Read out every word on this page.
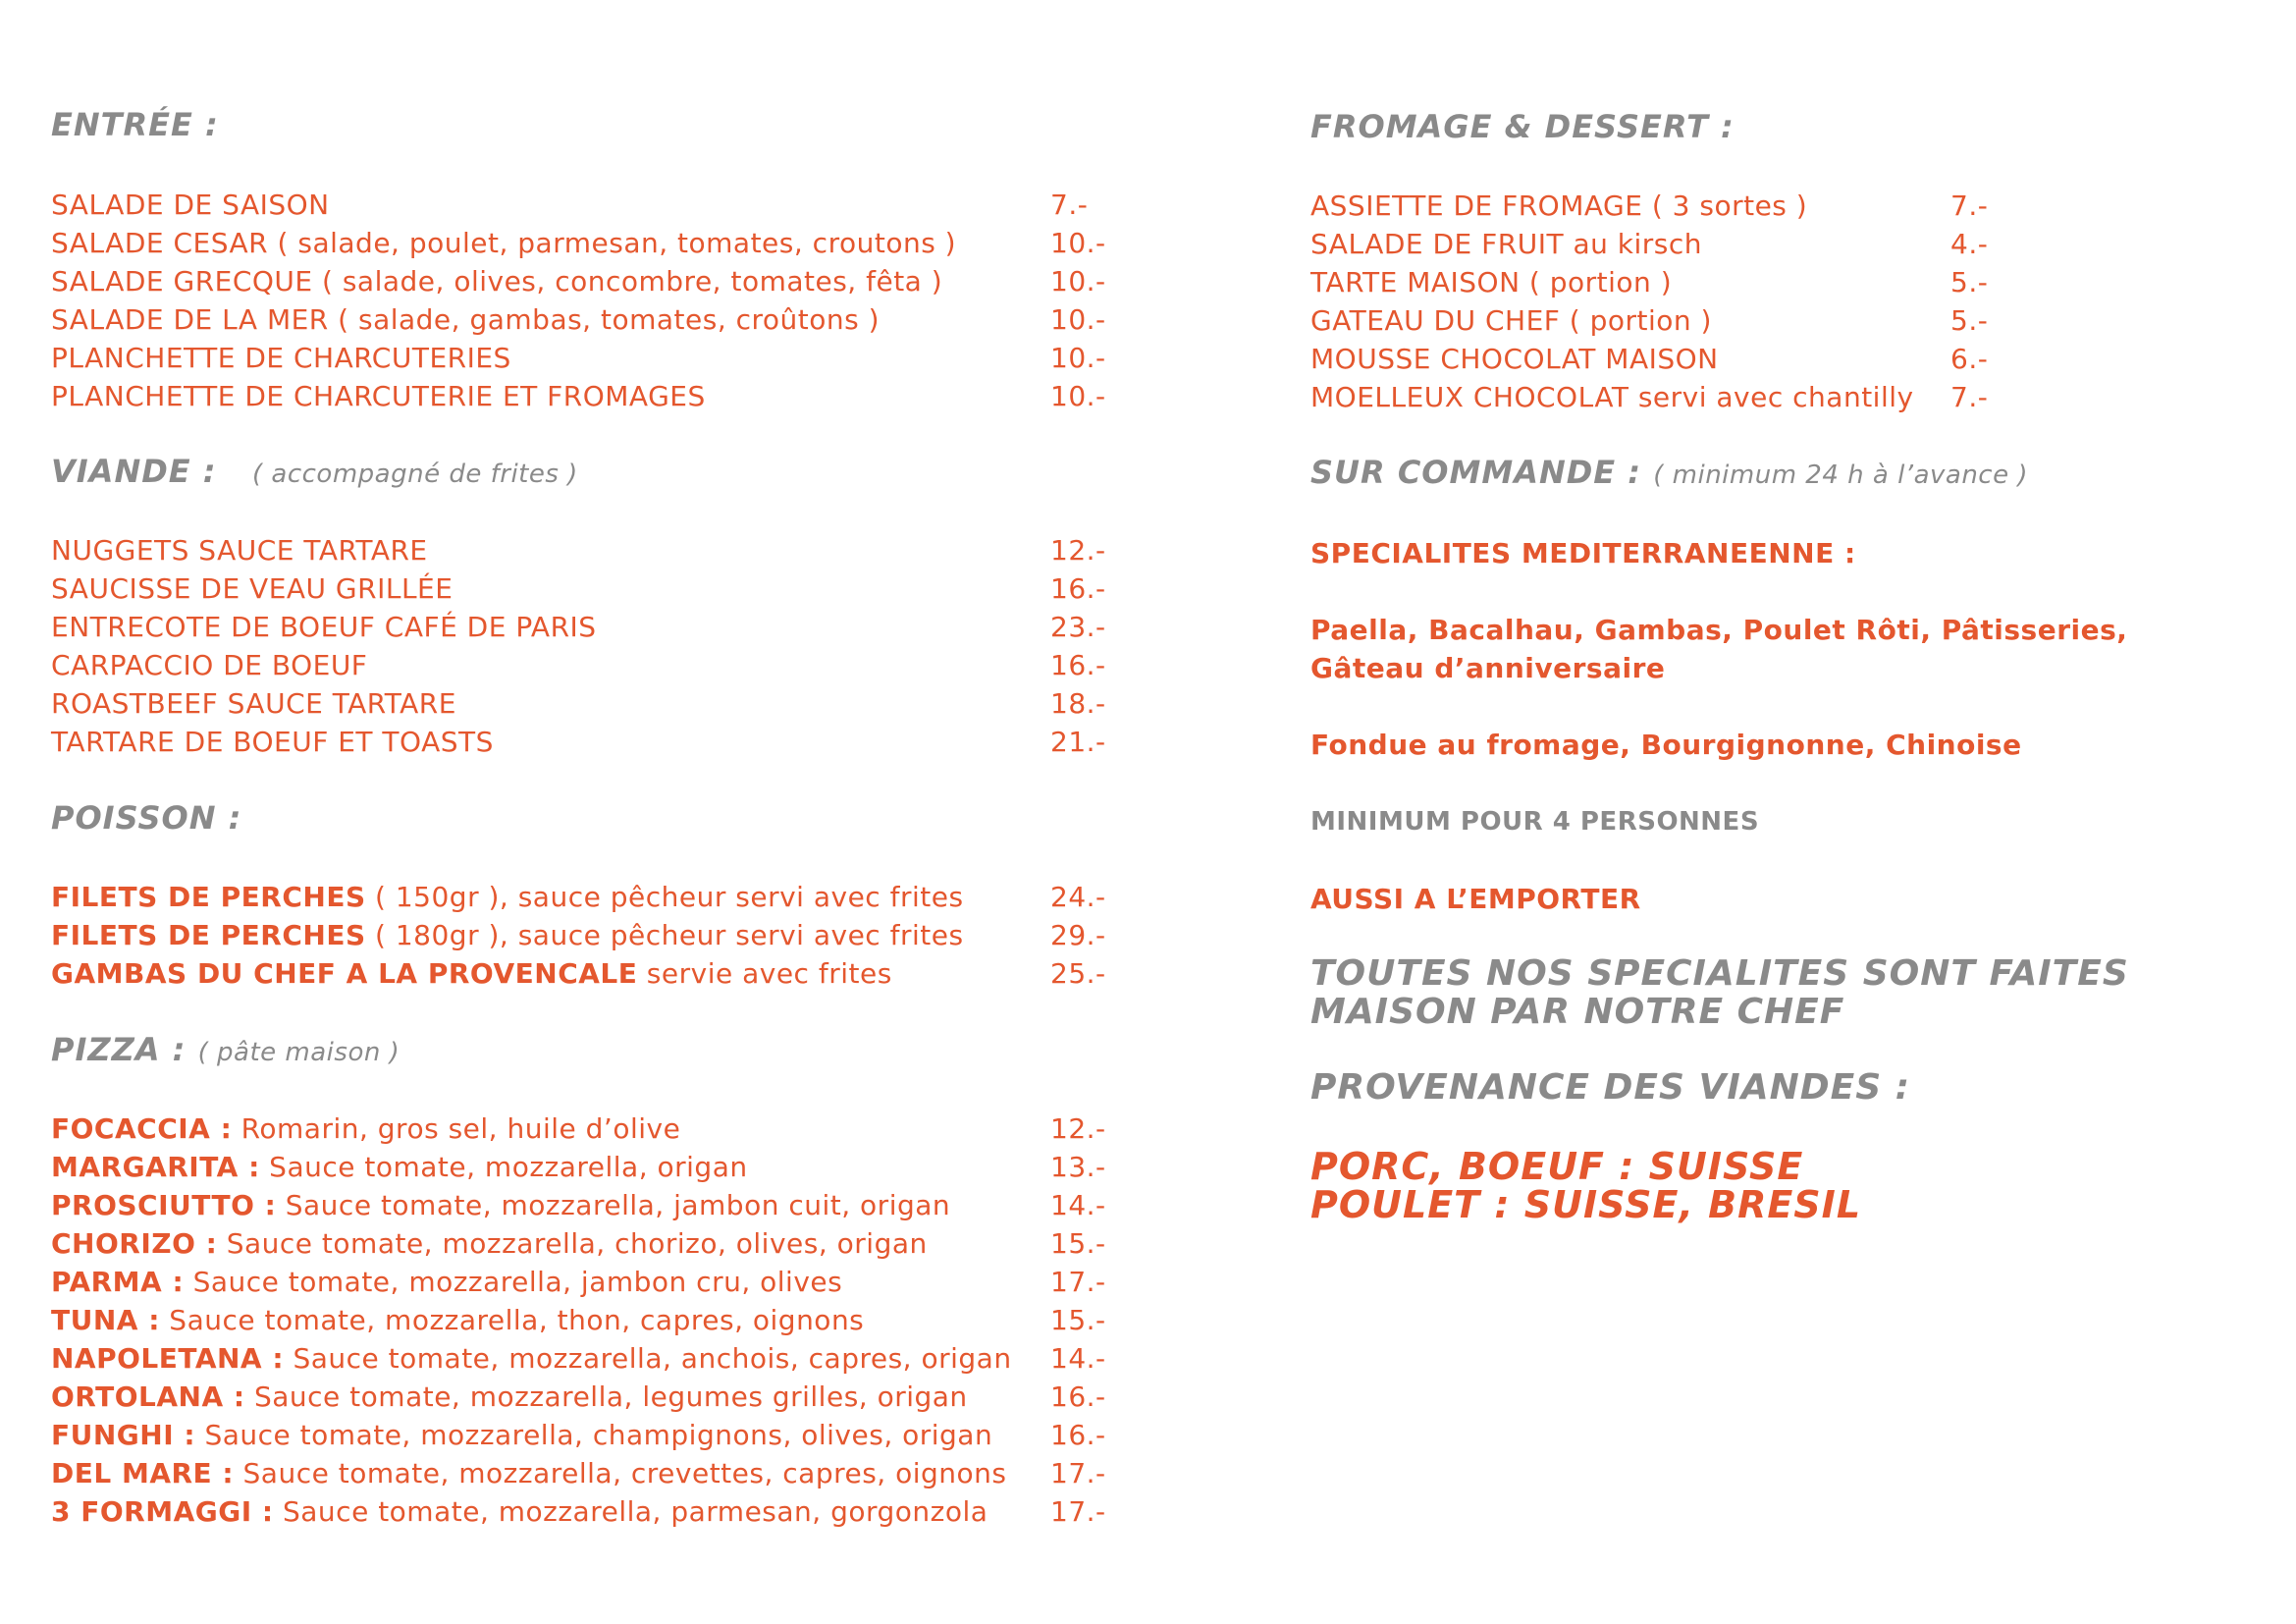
ENTRÉE :
SALADE DE SAISON	7.-
SALADE CESAR ( salade, poulet, parmesan, tomates, croutons )	10.-
SALADE GRECQUE ( salade, olives, concombre, tomates, fêta )	10.-
SALADE DE LA MER ( salade, gambas, tomates, croûtons )	10.-
PLANCHETTE DE CHARCUTERIES	10.-
PLANCHETTE DE CHARCUTERIE ET FROMAGES	10.-
VIANDE : ( accompagné de frites )
NUGGETS SAUCE TARTARE	12.-
SAUCISSE DE VEAU GRILLÉE	16.-
ENTRECOTE DE BOEUF CAFÉ DE PARIS	23.-
CARPACCIO DE BOEUF	16.-
ROASTBEEF SAUCE TARTARE	18.-
TARTARE DE BOEUF ET TOASTS	21.-
POISSON :
FILETS DE PERCHES ( 150gr ), sauce pêcheur servi avec frites	24.-
FILETS DE PERCHES ( 180gr ), sauce pêcheur servi avec frites	29.-
GAMBAS DU CHEF A LA PROVENCALE servie avec frites	25.-
PIZZA : ( pâte maison )
FOCACCIA : Romarin, gros sel, huile d’olive	12.-
MARGARITA : Sauce tomate, mozzarella, origan	13.-
PROSCIUTTO : Sauce tomate, mozzarella, jambon cuit, origan	14.-
CHORIZO : Sauce tomate, mozzarella, chorizo, olives, origan	15.-
PARMA : Sauce tomate, mozzarella, jambon cru, olives	17.-
TUNA : Sauce tomate, mozzarella, thon, capres, oignons	15.-
NAPOLETANA : Sauce tomate, mozzarella, anchois, capres, origan 14.-
ORTOLANA : Sauce tomate, mozzarella, legumes grilles, origan	16.-
FUNGHI : Sauce tomate, mozzarella, champignons, olives, origan 16.-
DEL MARE : Sauce tomate, mozzarella, crevettes, capres, oignons 17.-
3 FORMAGGI : Sauce tomate, mozzarella, parmesan, gorgonzola 17.-
FROMAGE & DESSERT :
ASSIETTE DE FROMAGE ( 3 sortes )	7.-
SALADE DE FRUIT au kirsch	4.-
TARTE MAISON ( portion )	5.-
GATEAU DU CHEF ( portion )	5.-
MOUSSE CHOCOLAT MAISON	6.-
MOELLEUX CHOCOLAT servi avec chantilly 7.-
SUR COMMANDE : ( minimum 24 h à l’avance )
SPECIALITES MEDITERRANEENNE :
Paella, Bacalhau, Gambas, Poulet Rôti, Pâtisseries,
Gâteau d’anniversaire
Fondue au fromage, Bourgignonne, Chinoise
MINIMUM POUR 4 PERSONNES
AUSSI A L’EMPORTER
TOUTES NOS SPECIALITES SONT FAITES
MAISON PAR NOTRE CHEF
PROVENANCE DES VIANDES :
PORC, BOEUF : SUISSE
POULET : SUISSE, BRESIL
